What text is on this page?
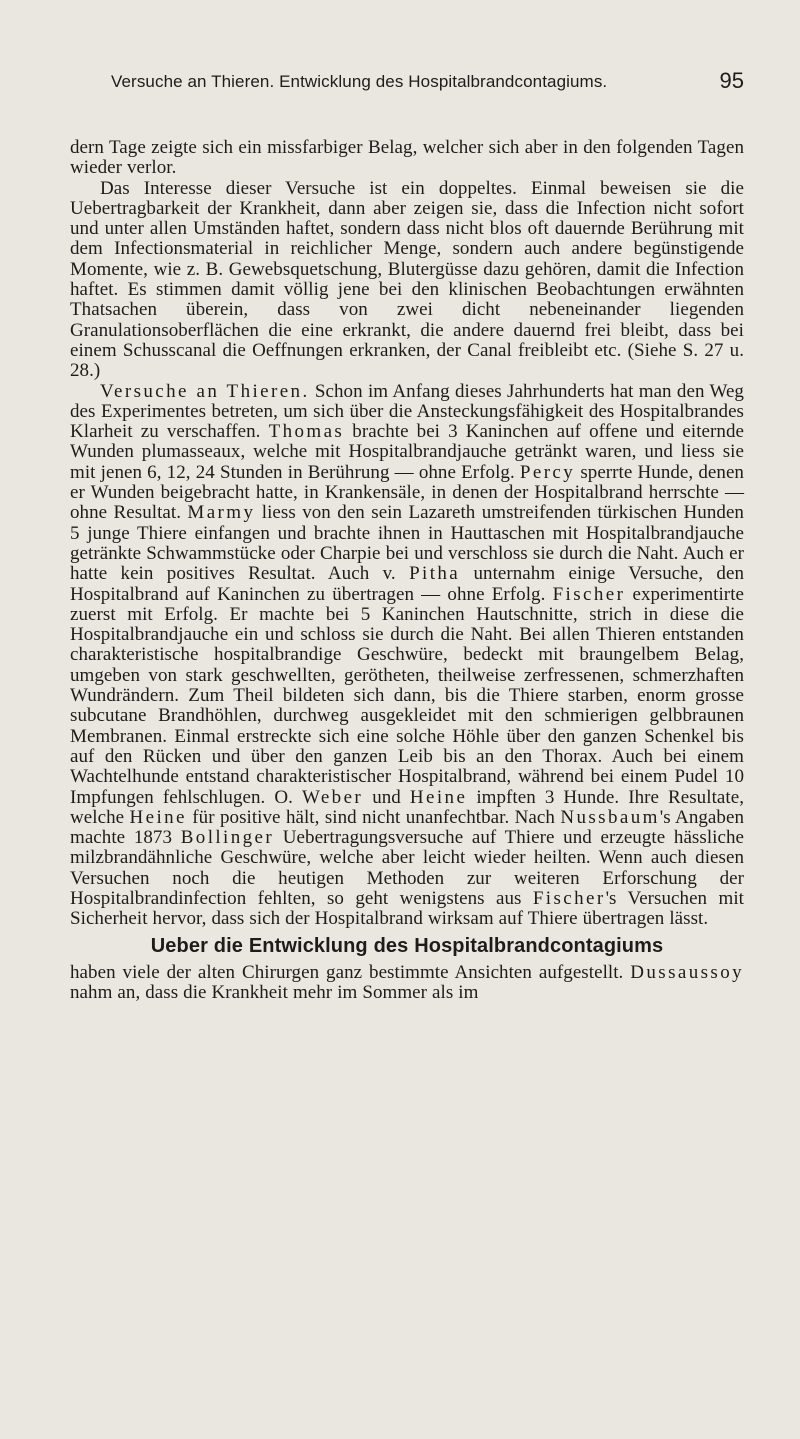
Versuche an Thieren. Entwicklung des Hospitalbrandcontagiums.	95

dern Tage zeigte sich ein missfarbiger Belag, welcher sich aber in den folgenden Tagen wieder verlor.

Das Interesse dieser Versuche ist ein doppeltes. Einmal beweisen sie die Uebertragbarkeit der Krankheit, dann aber zeigen sie, dass die Infection nicht sofort und unter allen Umständen haftet, sondern dass nicht blos oft dauernde Berührung mit dem Infectionsmaterial in reichlicher Menge, sondern auch andere begünstigende Momente, wie z. B. Gewebsquetschung, Blutergüsse dazu gehören, damit die Infection haftet. Es stimmen damit völlig jene bei den klinischen Beobachtungen erwähnten Thatsachen überein, dass von zwei dicht nebeneinander liegenden Granulationsoberflächen die eine erkrankt, die andere dauernd frei bleibt, dass bei einem Schusscanal die Oeffnungen erkranken, der Canal freibleibt etc. (Siehe S. 27 u. 28.)

Versuche an Thieren. Schon im Anfang dieses Jahrhunderts hat man den Weg des Experimentes betreten, um sich über die Ansteckungsfähigkeit des Hospitalbrandes Klarheit zu verschaffen. Thomas brachte bei 3 Kaninchen auf offene und eiternde Wunden plumasseaux, welche mit Hospitalbrandjauche getränkt waren, und liess sie mit jenen 6, 12, 24 Stunden in Berührung — ohne Erfolg. Percy sperrte Hunde, denen er Wunden beigebracht hatte, in Krankensäle, in denen der Hospitalbrand herrschte — ohne Resultat. Marmy liess von den sein Lazareth umstreifenden türkischen Hunden 5 junge Thiere einfangen und brachte ihnen in Hauttaschen mit Hospitalbrandjauche getränkte Schwammstücke oder Charpie bei und verschloss sie durch die Naht. Auch er hatte kein positives Resultat. Auch v. Pitha unternahm einige Versuche, den Hospitalbrand auf Kaninchen zu übertragen — ohne Erfolg. Fischer experimentirte zuerst mit Erfolg. Er machte bei 5 Kaninchen Hautschnitte, strich in diese die Hospitalbrandjauche ein und schloss sie durch die Naht. Bei allen Thieren entstanden charakteristische hospitalbrandige Geschwüre, bedeckt mit braungelbem Belag, umgeben von stark geschwellten, gerötheten, theilweise zerfressenen, schmerzhaften Wundrändern. Zum Theil bildeten sich dann, bis die Thiere starben, enorm grosse subcutane Brandhöhlen, durchweg ausgekleidet mit den schmierigen gelbbraunen Membranen. Einmal erstreckte sich eine solche Höhle über den ganzen Schenkel bis auf den Rücken und über den ganzen Leib bis an den Thorax. Auch bei einem Wachtelhunde entstand charakteristischer Hospitalbrand, während bei einem Pudel 10 Impfungen fehlschlugen. O. Weber und Heine impften 3 Hunde. Ihre Resultate, welche Heine für positive hält, sind nicht unanfechtbar. Nach Nussbaum's Angaben machte 1873 Bollinger Uebertragungsversuche auf Thiere und erzeugte hässliche milzbrandähnliche Geschwüre, welche aber leicht wieder heilten. Wenn auch diesen Versuchen noch die heutigen Methoden zur weiteren Erforschung der Hospitalbrandinfection fehlten, so geht wenigstens aus Fischer's Versuchen mit Sicherheit hervor, dass sich der Hospitalbrand wirksam auf Thiere übertragen lässt.

Ueber die Entwicklung des Hospitalbrandcontagiums

haben viele der alten Chirurgen ganz bestimmte Ansichten aufgestellt. Dussaussoy nahm an, dass die Krankheit mehr im Sommer als im
